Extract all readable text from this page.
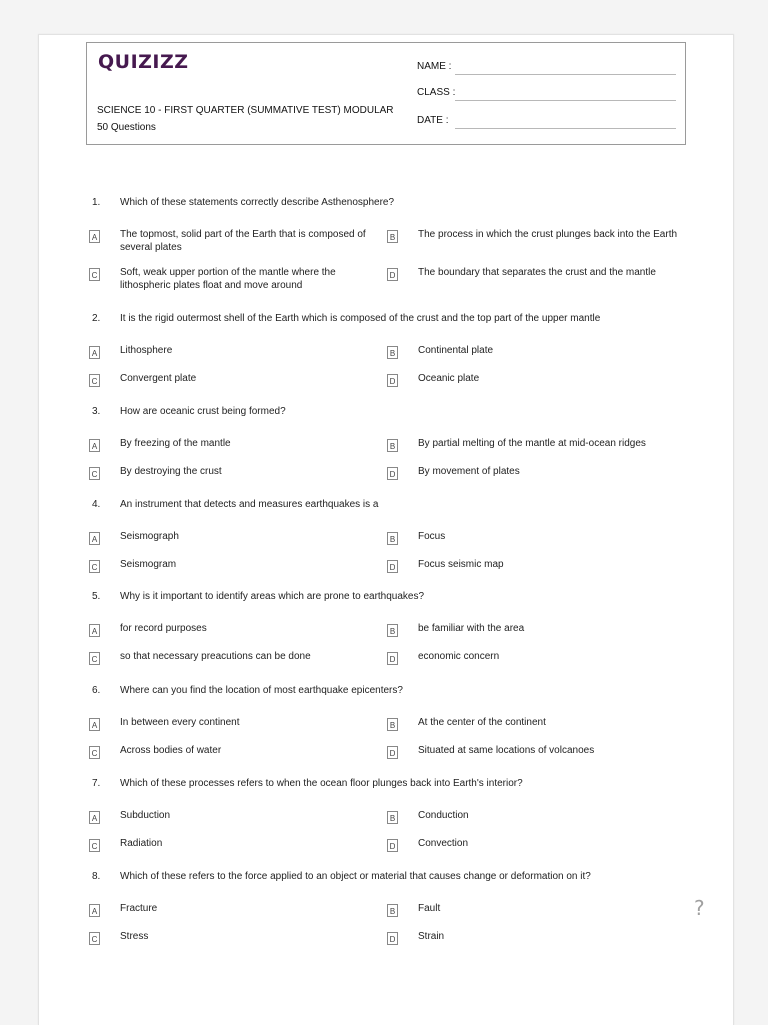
QUIZIZZ
SCIENCE 10 - FIRST QUARTER (SUMMATIVE TEST) MODULAR
50 Questions
NAME :
CLASS :
DATE :
1. Which of these statements correctly describe Asthenosphere?
A The topmost, solid part of the Earth that is composed of several plates
B The process in which the crust plunges back into the Earth
C Soft, weak upper portion of the mantle where the lithospheric plates float and move around
D The boundary that separates the crust and the mantle
2. It is the rigid outermost shell of the Earth which is composed of the crust and the top part of the upper mantle
A Lithosphere	B Continental plate
C Convergent plate	D Oceanic plate
3. How are oceanic crust being formed?
A By freezing of the mantle	B By partial melting of the mantle at mid-ocean ridges
C By destroying the crust	D By movement of plates
4. An instrument that detects and measures earthquakes is a
A Seismograph	B Focus
C Seismogram	D Focus seismic map
5. Why is it important to identify areas which are prone to earthquakes?
A for record purposes	B be familiar with the area
C so that necessary preacutions can be done	D economic concern
6. Where can you find the location of most earthquake epicenters?
A In between every continent	B At the center of the continent
C Across bodies of water	D Situated at same locations of volcanoes
7. Which of these processes refers to when the ocean floor plunges back into Earth's interior?
A Subduction	B Conduction
C Radiation	D Convection
8. Which of these refers to the force applied to an object or material that causes change or deformation on it?
A Fracture	B Fault
C Stress	D Strain
?
